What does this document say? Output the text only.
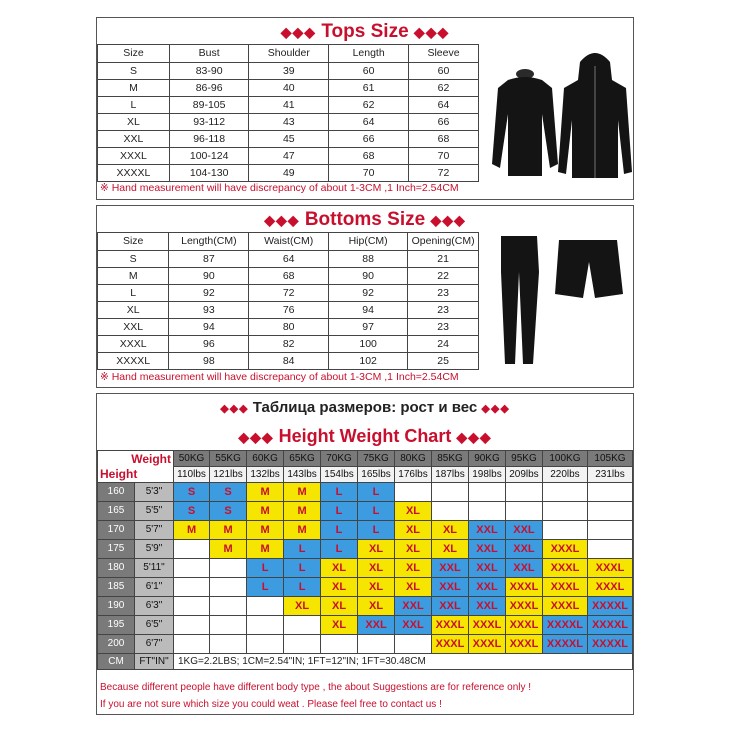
◆◆◆ Tops Size ◆◆◆
Size	Bust	Shoulder	Length	Sleeve
S	83-90	39	60	60
M	86-96	40	61	62
L	89-105	41	62	64
XL	93-112	43	64	66
XXL	96-118	45	66	68
XXXL	100-124	47	68	70
XXXXL	104-130	49	70	72
※ Hand measurement will have discrepancy of about 1-3CM ,1 Inch=2.54CM
◆◆◆ Bottoms Size ◆◆◆
Size	Length(CM)	Waist(CM)	Hip(CM)	Opening(CM)
S	87	64	88	21
M	90	68	90	22
L	92	72	92	23
XL	93	76	94	23
XXL	94	80	97	23
XXXL	96	82	100	24
XXXXL	98	84	102	25
※ Hand measurement will have discrepancy of about 1-3CM ,1 Inch=2.54CM
◆◆◆ Таблица размеров: рост и вес ◆◆◆
◆◆◆ Height Weight Chart ◆◆◆
Weight
Height		50KG	55KG	60KG	65KG	70KG	75KG	80KG	85KG	90KG	95KG	100KG	105KG
		110lbs	121lbs	132lbs	143lbs	154lbs	165lbs	176lbs	187lbs	198lbs	209lbs	220lbs	231lbs
160	5'3"	S	S	M	M	L	L						
165	5'5"	S	S	M	M	L	L	XL					
170	5'7"	M	M	M	M	L	L	XL	XL	XXL	XXL		
175	5'9"		M	M	L	L	XL	XL	XL	XXL	XXL	XXXL	
180	5'11"			L	L	XL	XL	XL	XXL	XXL	XXL	XXXL	XXXL
185	6'1"			L	L	XL	XL	XL	XXL	XXL	XXXL	XXXL	XXXL
190	6'3"				XL	XL	XL	XXL	XXL	XXL	XXXL	XXXL	XXXXL
195	6'5"					XL	XXL	XXL	XXXL	XXXL	XXXL	XXXXL	XXXXL
200	6'7"								XXXL	XXXL	XXXL	XXXXL	XXXXL
CM	FT"IN"	1KG=2.2LBS; 1CM=2.54"IN; 1FT=12"IN; 1FT=30.48CM											
Because different people have different body type , the about Suggestions are for reference only !
If you are not sure which size you could weat . Please feel free to contact us !
